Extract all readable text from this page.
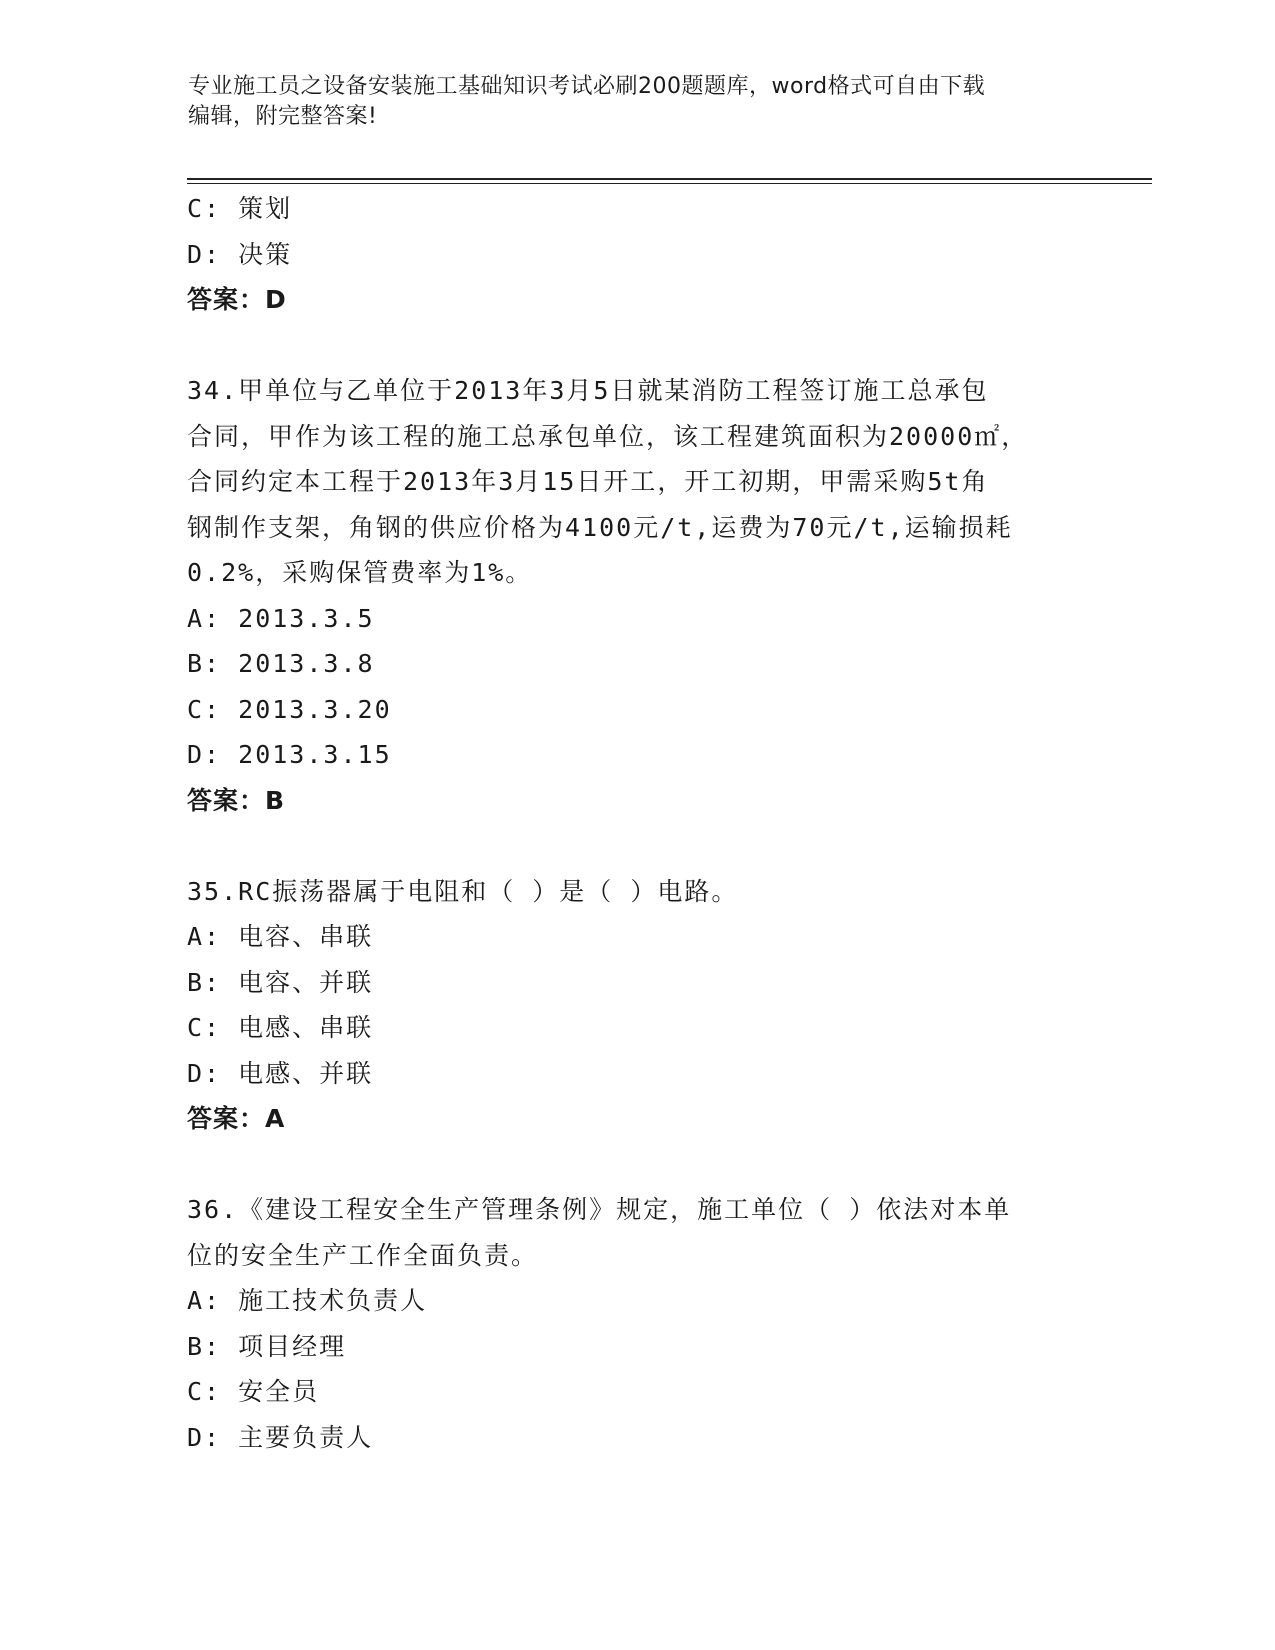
专业施工员之设备安装施工基础知识考试必刷200题题库，word格式可自由下载
编辑，附完整答案!
C: 策划
D: 决策
答案：D
34.甲单位与乙单位于2013年3月5日就某消防工程签订施工总承包
合同，甲作为该工程的施工总承包单位，该工程建筑面积为20000㎡，
合同约定本工程于2013年3月15日开工，开工初期，甲需采购5t角
钢制作支架，角钢的供应价格为4100元/t,运费为70元/t,运输损耗
0.2%，采购保管费率为1%。
A: 2013.3.5
B: 2013.3.8
C: 2013.3.20
D: 2013.3.15
答案：B
35.RC振荡器属于电阻和（ ）是（ ）电路。
A: 电容、串联
B: 电容、并联
C: 电感、串联
D: 电感、并联
答案：A
36.《建设工程安全生产管理条例》规定，施工单位（ ）依法对本单
位的安全生产工作全面负责。
A: 施工技术负责人
B: 项目经理
C: 安全员
D: 主要负责人
